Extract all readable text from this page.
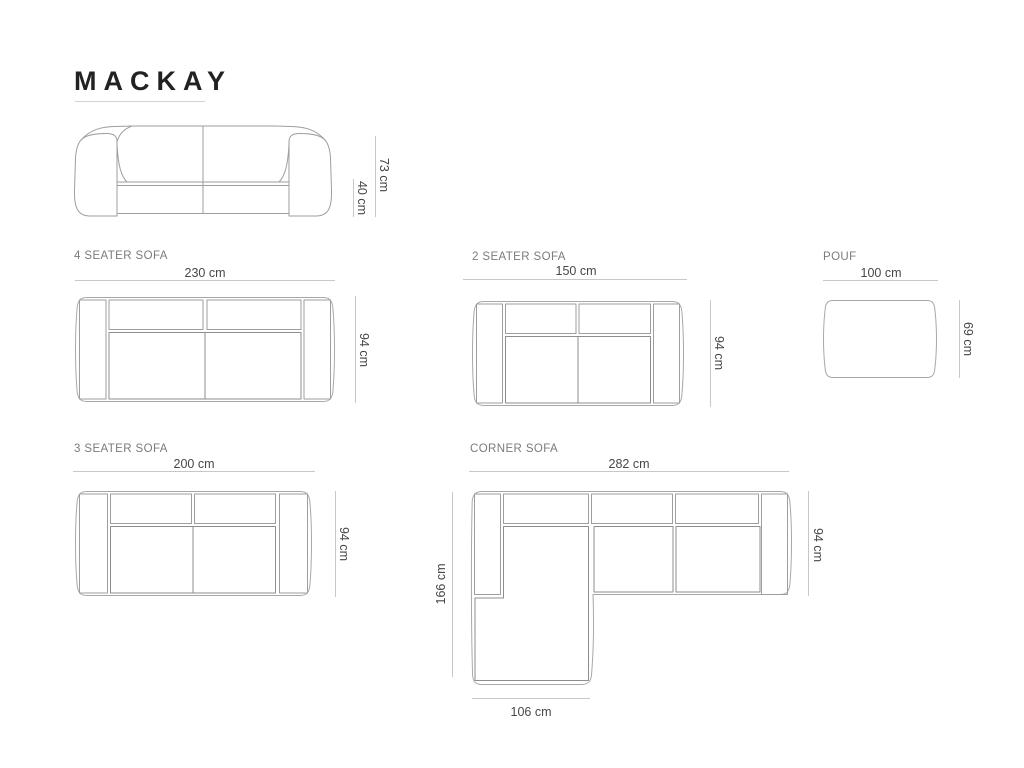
MACKAY
73 cm
40 cm
4 SEATER SOFA
230 cm
94 cm
2 SEATER SOFA
150 cm
94 cm
POUF
100 cm
69 cm
3 SEATER SOFA
200 cm
94 cm
CORNER SOFA
282 cm
94 cm
166 cm
106 cm
